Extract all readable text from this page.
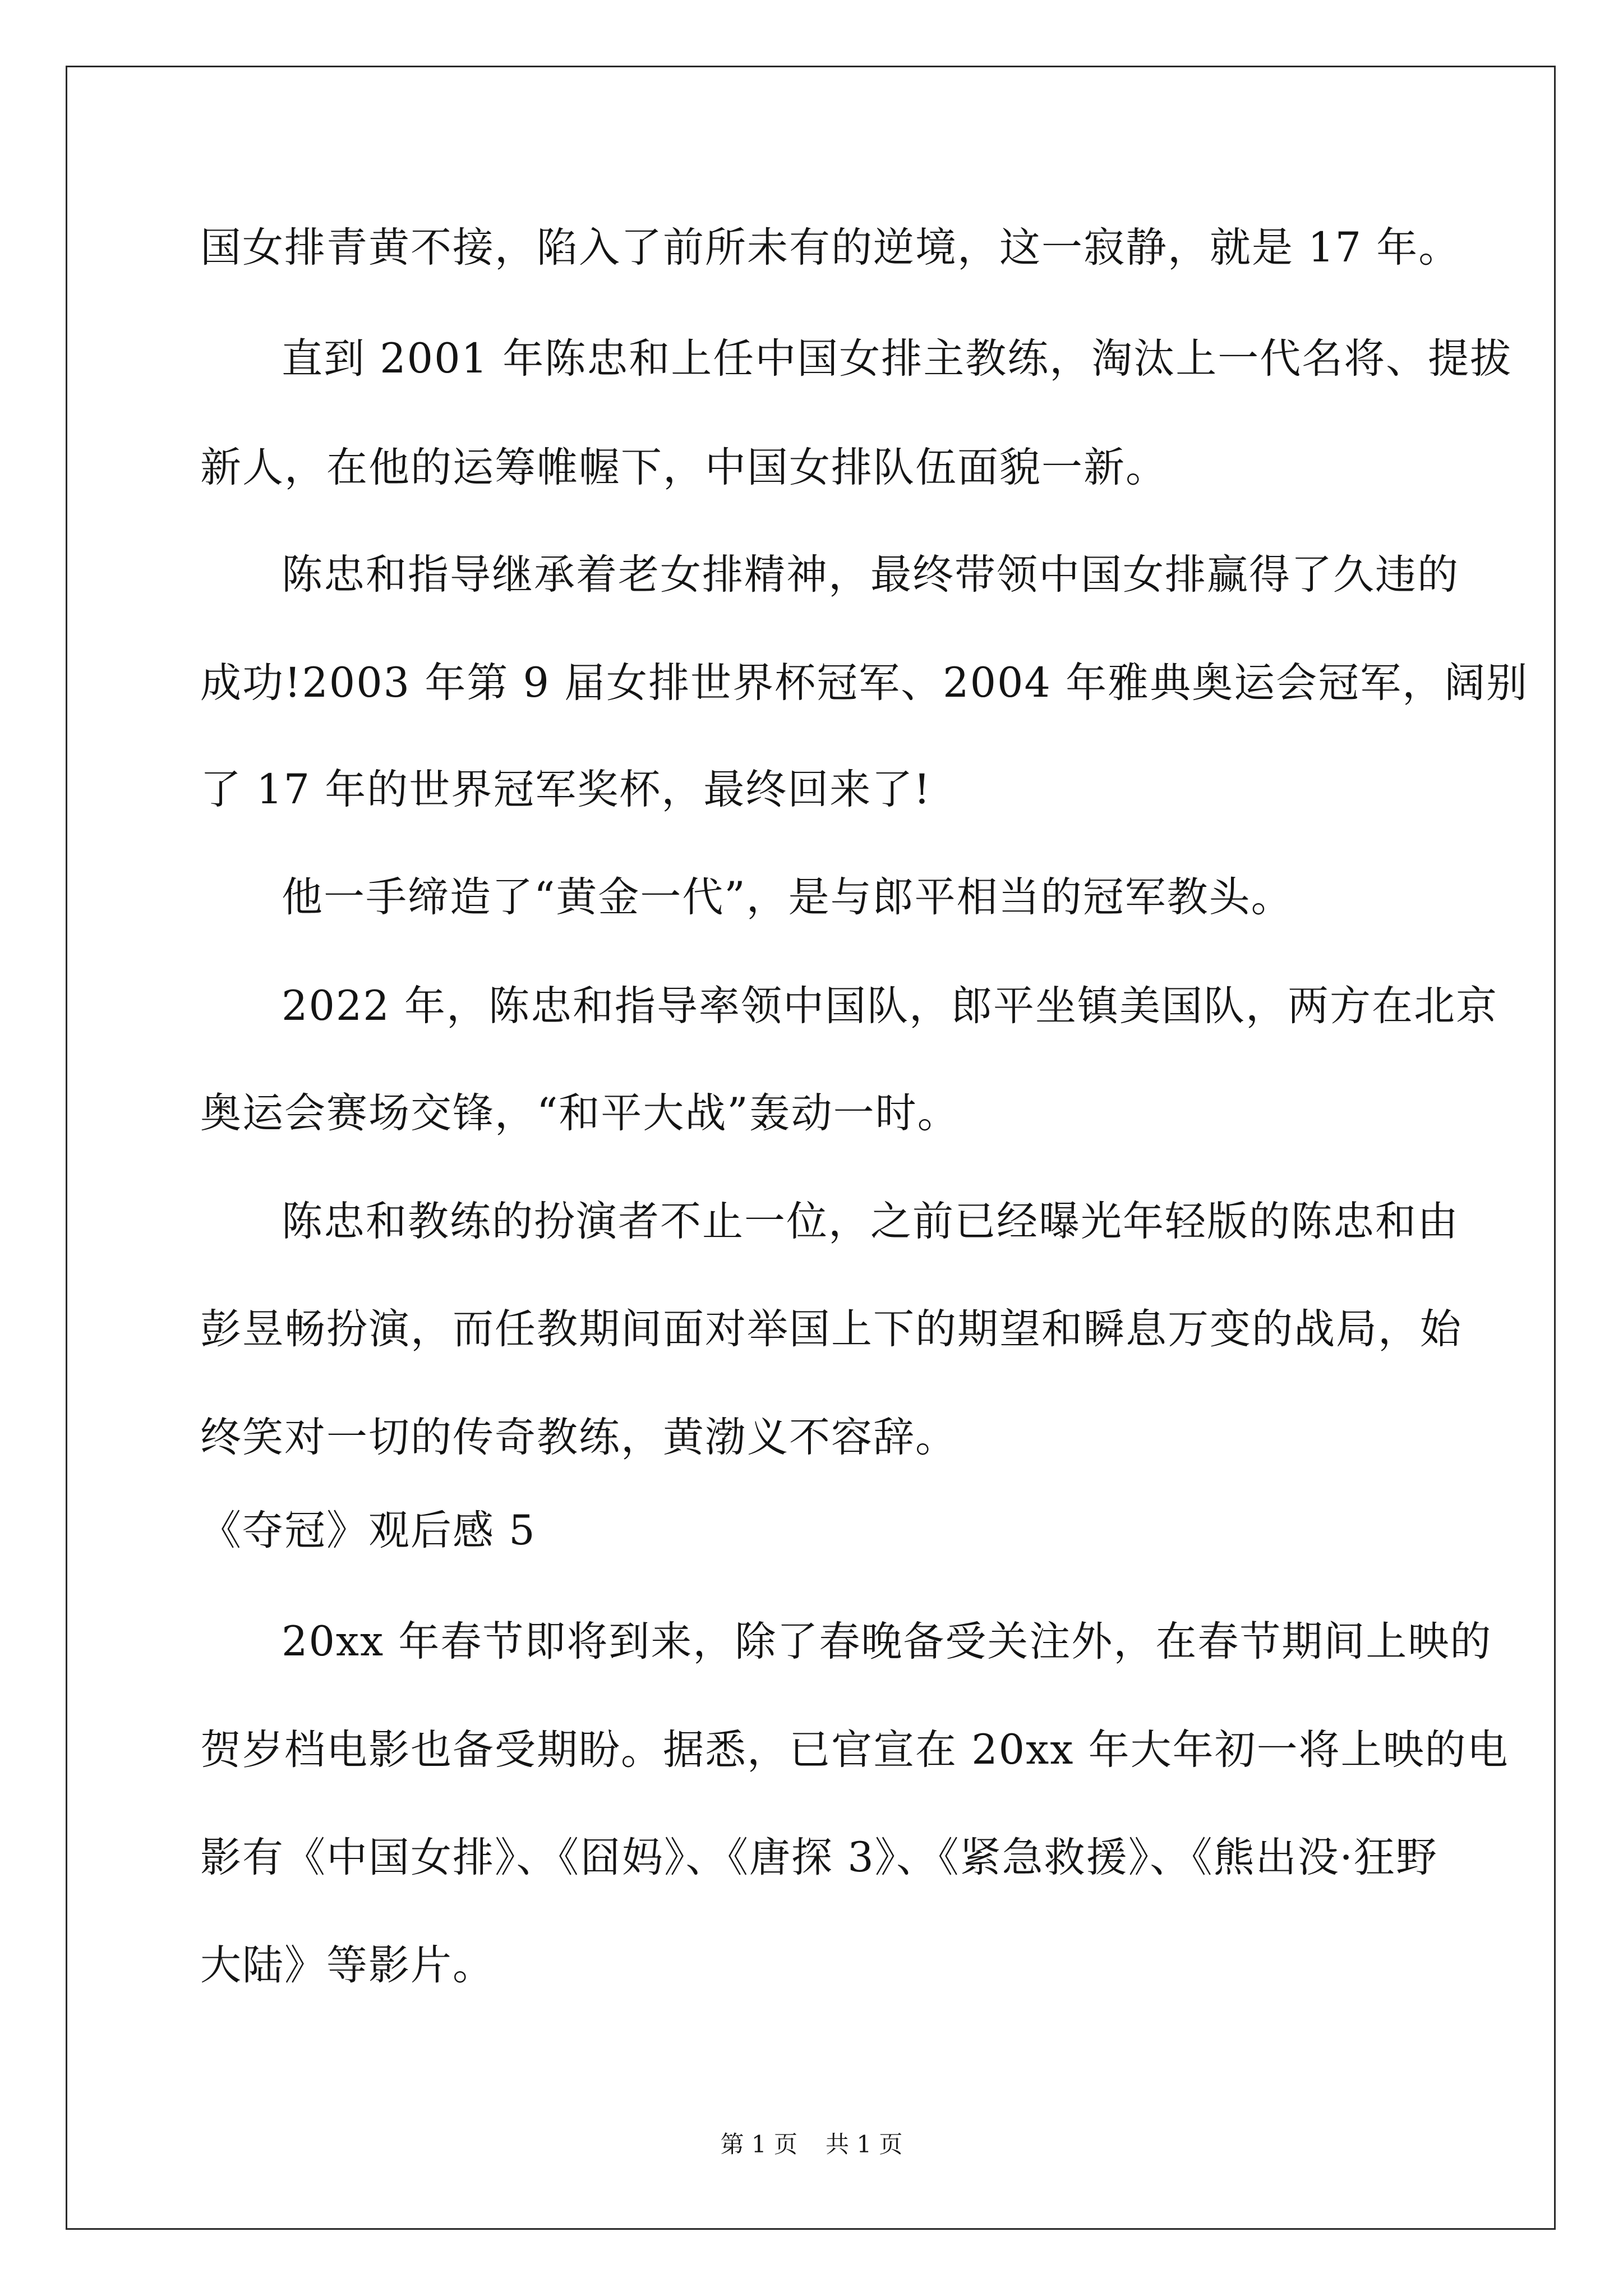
国女排青黄不接，陷入了前所未有的逆境，这一寂静，就是 17 年。
直到 2001 年陈忠和上任中国女排主教练，淘汰上一代名将、提拔
新人，在他的运筹帷幄下，中国女排队伍面貌一新。
陈忠和指导继承着老女排精神，最终带领中国女排赢得了久违的
成功!2003 年第 9 届女排世界杯冠军、2004 年雅典奥运会冠军，阔别
了 17 年的世界冠军奖杯，最终回来了!
他一手缔造了“黄金一代”，是与郎平相当的冠军教头。
2022 年，陈忠和指导率领中国队，郎平坐镇美国队，两方在北京
奥运会赛场交锋，“和平大战”轰动一时。
陈忠和教练的扮演者不止一位，之前已经曝光年轻版的陈忠和由
彭昱畅扮演，而任教期间面对举国上下的期望和瞬息万变的战局，始
终笑对一切的传奇教练，黄渤义不容辞。
《夺冠》观后感 5
20xx 年春节即将到来，除了春晚备受关注外，在春节期间上映的
贺岁档电影也备受期盼。据悉，已官宣在 20xx 年大年初一将上映的电
影有《中国女排》、《囧妈》、《唐探 3》、《紧急救援》、《熊出没·狂野
大陆》等影片。
第 1 页 共 1 页
